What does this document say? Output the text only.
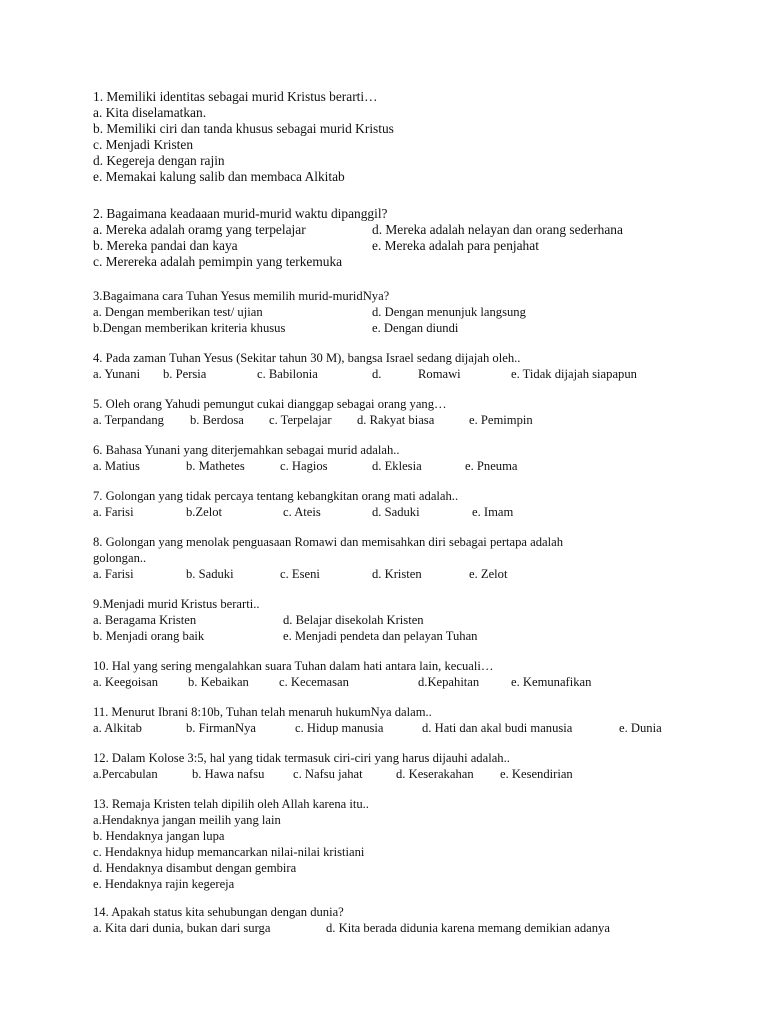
1. Memiliki identitas sebagai murid Kristus berarti…
a. Kita diselamatkan.
b. Memiliki ciri dan tanda khusus sebagai murid Kristus
c. Menjadi Kristen
d. Kegereja dengan rajin
e. Memakai kalung salib dan membaca Alkitab
2. Bagaimana keadaaan murid-murid waktu dipanggil?
a. Mereka adalah oramg yang terpelajar	d. Mereka adalah nelayan dan orang sederhana
b. Mereka pandai dan kaya	e. Mereka adalah para penjahat
c. Merereka adalah pemimpin yang terkemuka
3.Bagaimana cara Tuhan Yesus memilih murid-muridNya?
a. Dengan memberikan test/ ujian	d. Dengan menunjuk langsung
b.Dengan memberikan kriteria khusus	e. Dengan diundi
4. Pada zaman Tuhan Yesus (Sekitar tahun 30 M), bangsa Israel sedang dijajah oleh..
a. Yunani b. Persia	c. Babilonia	d.	Romawi	e. Tidak dijajah siapapun
5. Oleh orang Yahudi pemungut cukai dianggap sebagai orang yang…
a. Terpandang b. Berdosa c. Terpelajar d. Rakyat biasa	e. Pemimpin
6. Bahasa Yunani yang diterjemahkan sebagai murid adalah..
a. Matius	b. Mathetes	c. Hagios	d. Eklesia	e. Pneuma
7. Golongan yang tidak percaya tentang kebangkitan orang mati adalah..
a. Farisi	b.Zelot	c. Ateis	d. Saduki	e. Imam
8. Golongan yang menolak penguasaan Romawi dan memisahkan diri sebagai pertapa adalah
golongan..
a. Farisi	b. Saduki	c. Eseni	d. Kristen	e. Zelot
9.Menjadi murid Kristus berarti..
a. Beragama Kristen	d. Belajar disekolah Kristen
b. Menjadi orang baik	e. Menjadi pendeta dan pelayan Tuhan
10. Hal yang sering mengalahkan suara Tuhan dalam hati antara lain, kecuali…
a. Keegoisan b. Kebaikan c. Kecemasan	d.Kepahitan	e. Kemunafikan
11. Menurut Ibrani 8:10b, Tuhan telah menaruh hukumNya dalam..
a. Alkitab	b. FirmanNya	c. Hidup manusia	d. Hati dan akal budi manusia	e. Dunia
12. Dalam Kolose 3:5, hal yang tidak termasuk ciri-ciri yang harus dijauhi adalah..
a.Percabulan	b. Hawa nafsu c. Nafsu jahat	d. Keserakahan e. Kesendirian
13. Remaja Kristen telah dipilih oleh Allah karena itu..
a.Hendaknya jangan meilih yang lain
b. Hendaknya jangan lupa
c. Hendaknya hidup memancarkan nilai-nilai kristiani
d. Hendaknya disambut dengan gembira
e. Hendaknya rajin kegereja
14. Apakah status kita sehubungan dengan dunia?
a. Kita dari dunia, bukan dari surga	d. Kita berada didunia karena memang demikian adanya
